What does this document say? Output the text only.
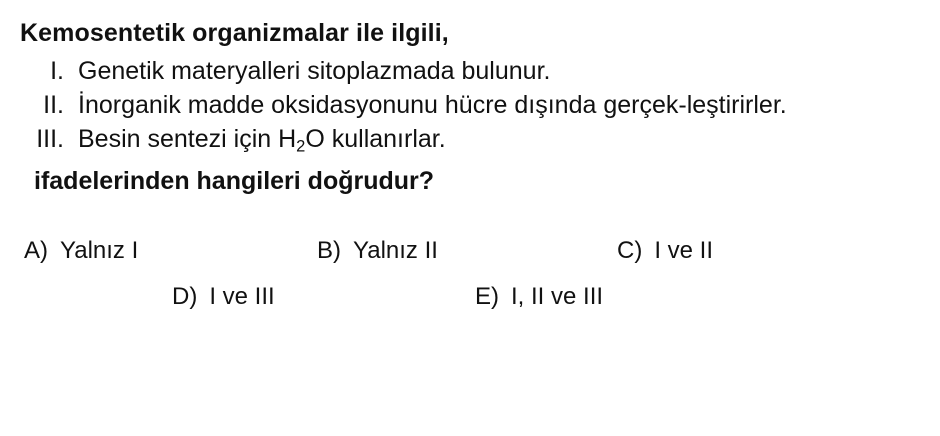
Kemosentetik organizmalar ile ilgili,
I. Genetik materyalleri sitoplazmada bulunur.
II. İnorganik madde oksidasyonunu hücre dışında gerçek-leştirirler.
III. Besin sentezi için $H_2O$ kullanırlar.
ifadelerinden hangileri doğrudur?
A) Yalnız I	B) Yalnız II	C) I ve II
D) I ve III	E) I, II ve III
